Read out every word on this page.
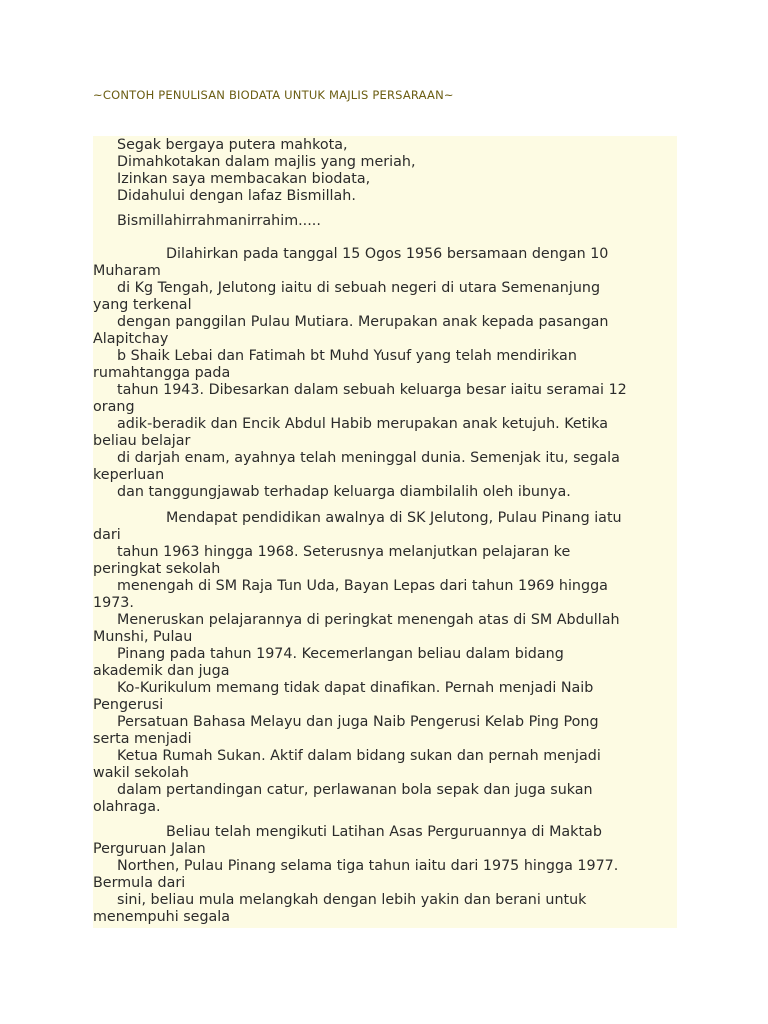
~CONTOH PENULISAN BIODATA UNTUK MAJLIS PERSARAAN~
Segak bergaya putera mahkota,
Dimahkotakan dalam majlis yang meriah,
Izinkan saya membacakan biodata,
Didahului dengan lafaz Bismillah.
Bismillahirrahmanirrahim.....
Dilahirkan pada tanggal 15 Ogos 1956 bersamaan dengan 10
Muharam
di Kg Tengah, Jelutong iaitu di sebuah negeri di utara Semenanjung
yang terkenal
dengan panggilan Pulau Mutiara. Merupakan anak kepada pasangan
Alapitchay
b Shaik Lebai dan Fatimah bt Muhd Yusuf yang telah mendirikan
rumahtangga pada
tahun 1943. Dibesarkan dalam sebuah keluarga besar iaitu seramai 12
orang
adik-beradik dan Encik Abdul Habib merupakan anak ketujuh. Ketika
beliau belajar
di darjah enam, ayahnya telah meninggal dunia. Semenjak itu, segala
keperluan
dan tanggungjawab terhadap keluarga diambilalih oleh ibunya.
Mendapat pendidikan awalnya di SK Jelutong, Pulau Pinang iatu
dari
tahun 1963 hingga 1968. Seterusnya melanjutkan pelajaran ke
peringkat sekolah
menengah di SM Raja Tun Uda, Bayan Lepas dari tahun 1969 hingga
1973.
Meneruskan pelajarannya di peringkat menengah atas di SM Abdullah
Munshi, Pulau
Pinang pada tahun 1974. Kecemerlangan beliau dalam bidang
akademik dan juga
Ko-Kurikulum memang tidak dapat dinafikan. Pernah menjadi Naib
Pengerusi
Persatuan Bahasa Melayu dan juga Naib Pengerusi Kelab Ping Pong
serta menjadi
Ketua Rumah Sukan. Aktif dalam bidang sukan dan pernah menjadi
wakil sekolah
dalam pertandingan catur, perlawanan bola sepak dan juga sukan
olahraga.
Beliau telah mengikuti Latihan Asas Perguruannya di Maktab
Perguruan Jalan
Northen, Pulau Pinang selama tiga tahun iaitu dari 1975 hingga 1977.
Bermula dari
sini, beliau mula melangkah dengan lebih yakin dan berani untuk
menempuhi segala
